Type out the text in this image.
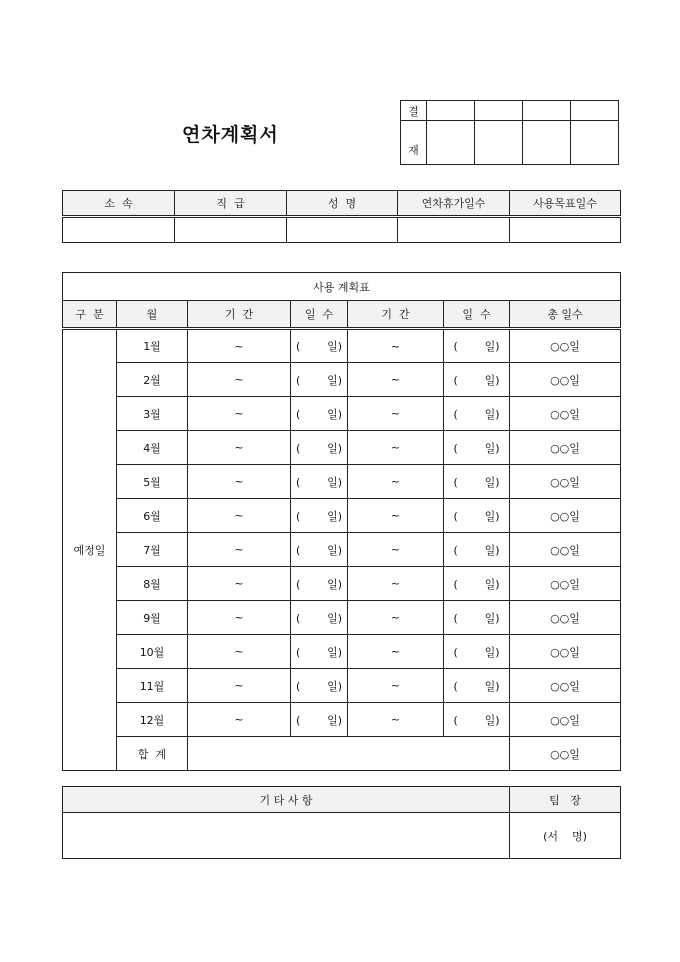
연차계획서
결				
재				
소  속	직  급	성  명	연차휴가일수	사용목표일수

사용 계획표						
구  분	월	기  간	일  수	기  간	일  수	총 일수
예정일	1월	~	( 일)	~	( 일)	○○일
	2월	~	( 일)	~	( 일)	○○일
	3월	~	( 일)	~	( 일)	○○일
	4월	~	( 일)	~	( 일)	○○일
	5월	~	( 일)	~	( 일)	○○일
	6월	~	( 일)	~	( 일)	○○일
	7월	~	( 일)	~	( 일)	○○일
	8월	~	( 일)	~	( 일)	○○일
	9월	~	( 일)	~	( 일)	○○일
	10월	~	( 일)	~	( 일)	○○일
	11월	~	( 일)	~	( 일)	○○일
	12월	~	( 일)	~	( 일)	○○일
	합  계					○○일
기 타 사 항	팀   장
	(서    명)
